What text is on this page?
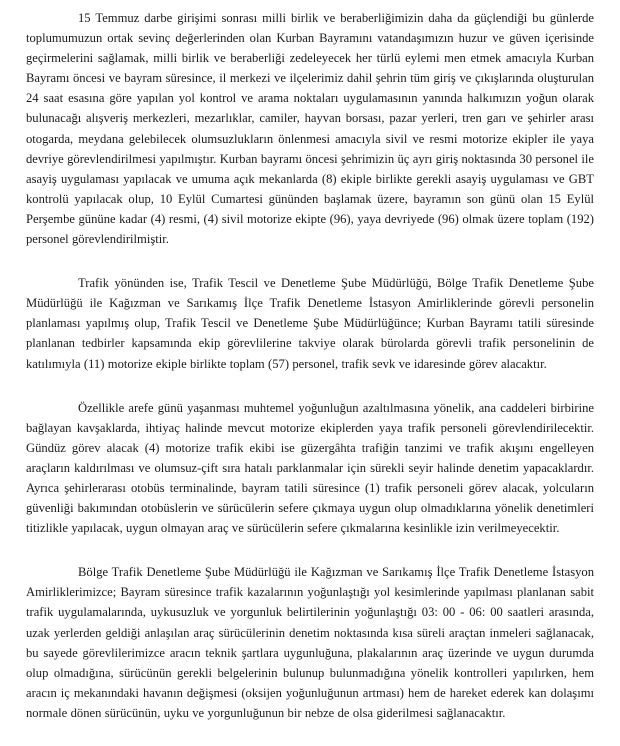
15 Temmuz darbe girişimi sonrası milli birlik ve beraberliğimizin daha da güçlendiği bu günlerde toplumumuzun ortak sevinç değerlerinden olan Kurban Bayramını vatandaşımızın huzur ve güven içerisinde geçirmelerini sağlamak, milli birlik ve beraberliği zedeleyecek her türlü eylemi men etmek amacıyla Kurban Bayramı öncesi ve bayram süresince, il merkezi ve ilçelerimiz dahil şehrin tüm giriş ve çıkışlarında oluşturulan 24 saat esasına göre yapılan yol kontrol ve arama noktaları uygulamasının yanında halkımızın yoğun olarak bulunacağı alışveriş merkezleri, mezarlıklar, camiler, hayvan borsası, pazar yerleri, tren garı ve şehirler arası otogarda, meydana gelebilecek olumsuzlukların önlenmesi amacıyla sivil ve resmi motorize ekipler ile yaya devriye görevlendirilmesi yapılmıştır. Kurban bayramı öncesi şehrimizin üç ayrı giriş noktasında 30 personel ile asayiş uygulaması yapılacak ve umuma açık mekanlarda (8) ekiple birlikte gerekli asayiş uygulaması ve GBT kontrolü yapılacak olup, 10 Eylül Cumartesi gününden başlamak üzere, bayramın son günü olan 15 Eylül Perşembe gününe kadar (4) resmi, (4) sivil motorize ekipte (96), yaya devriyede (96) olmak üzere toplam (192) personel görevlendirilmiştir.

Trafik yönünden ise, Trafik Tescil ve Denetleme Şube Müdürlüğü, Bölge Trafik Denetleme Şube Müdürlüğü ile Kağızman ve Sarıkamış İlçe Trafik Denetleme İstasyon Amirliklerinde görevli personelin planlaması yapılmış olup, Trafik Tescil ve Denetleme Şube Müdürlüğünce; Kurban Bayramı tatili süresinde planlanan tedbirler kapsamında ekip görevlilerine takviye olarak bürolarda görevli trafik personelinin de katılımıyla (11) motorize ekiple birlikte toplam (57) personel, trafik sevk ve idaresinde görev alacaktır.

Özellikle arefe günü yaşanması muhtemel yoğunluğun azaltılmasına yönelik, ana caddeleri birbirine bağlayan kavşaklarda, ihtiyaç halinde mevcut motorize ekiplerden yaya trafik personeli görevlendirilecektir. Gündüz görev alacak (4) motorize trafik ekibi ise güzergâhta trafiğin tanzimi ve trafik akışını engelleyen araçların kaldırılması ve olumsuz-çift sıra hatalı parklanmalar için sürekli seyir halinde denetim yapacaklardır. Ayrıca şehirlerarası otobüs terminalinde, bayram tatili süresince (1) trafik personeli görev alacak, yolcuların güvenliği bakımından otobüslerin ve sürücülerin sefere çıkmaya uygun olup olmadıklarına yönelik denetimleri titizlikle yapılacak, uygun olmayan araç ve sürücülerin sefere çıkmalarına kesinlikle izin verilmeyecektir.

Bölge Trafik Denetleme Şube Müdürlüğü ile Kağızman ve Sarıkamış İlçe Trafik Denetleme İstasyon Amirliklerimizce; Bayram süresince trafik kazalarının yoğunlaştığı yol kesimlerinde yapılması planlanan sabit trafik uygulamalarında, uykusuzluk ve yorgunluk belirtilerinin yoğunlaştığı 03: 00 - 06: 00 saatleri arasında, uzak yerlerden geldiği anlaşılan araç sürücülerinin denetim noktasında kısa süreli araçtan inmeleri sağlanacak, bu sayede görevlilerimizce aracın teknik şartlara uygunluğuna, plakalarının araç üzerinde ve uygun durumda olup olmadığına, sürücünün gerekli belgelerinin bulunup bulunmadığına yönelik kontrolleri yapılırken, hem aracın iç mekanındaki havanın değişmesi (oksijen yoğunluğunun artması) hem de hareket ederek kan dolaşımı normale dönen sürücünün, uyku ve yorgunluğunun bir nebze de olsa giderilmesi sağlanacaktır.
